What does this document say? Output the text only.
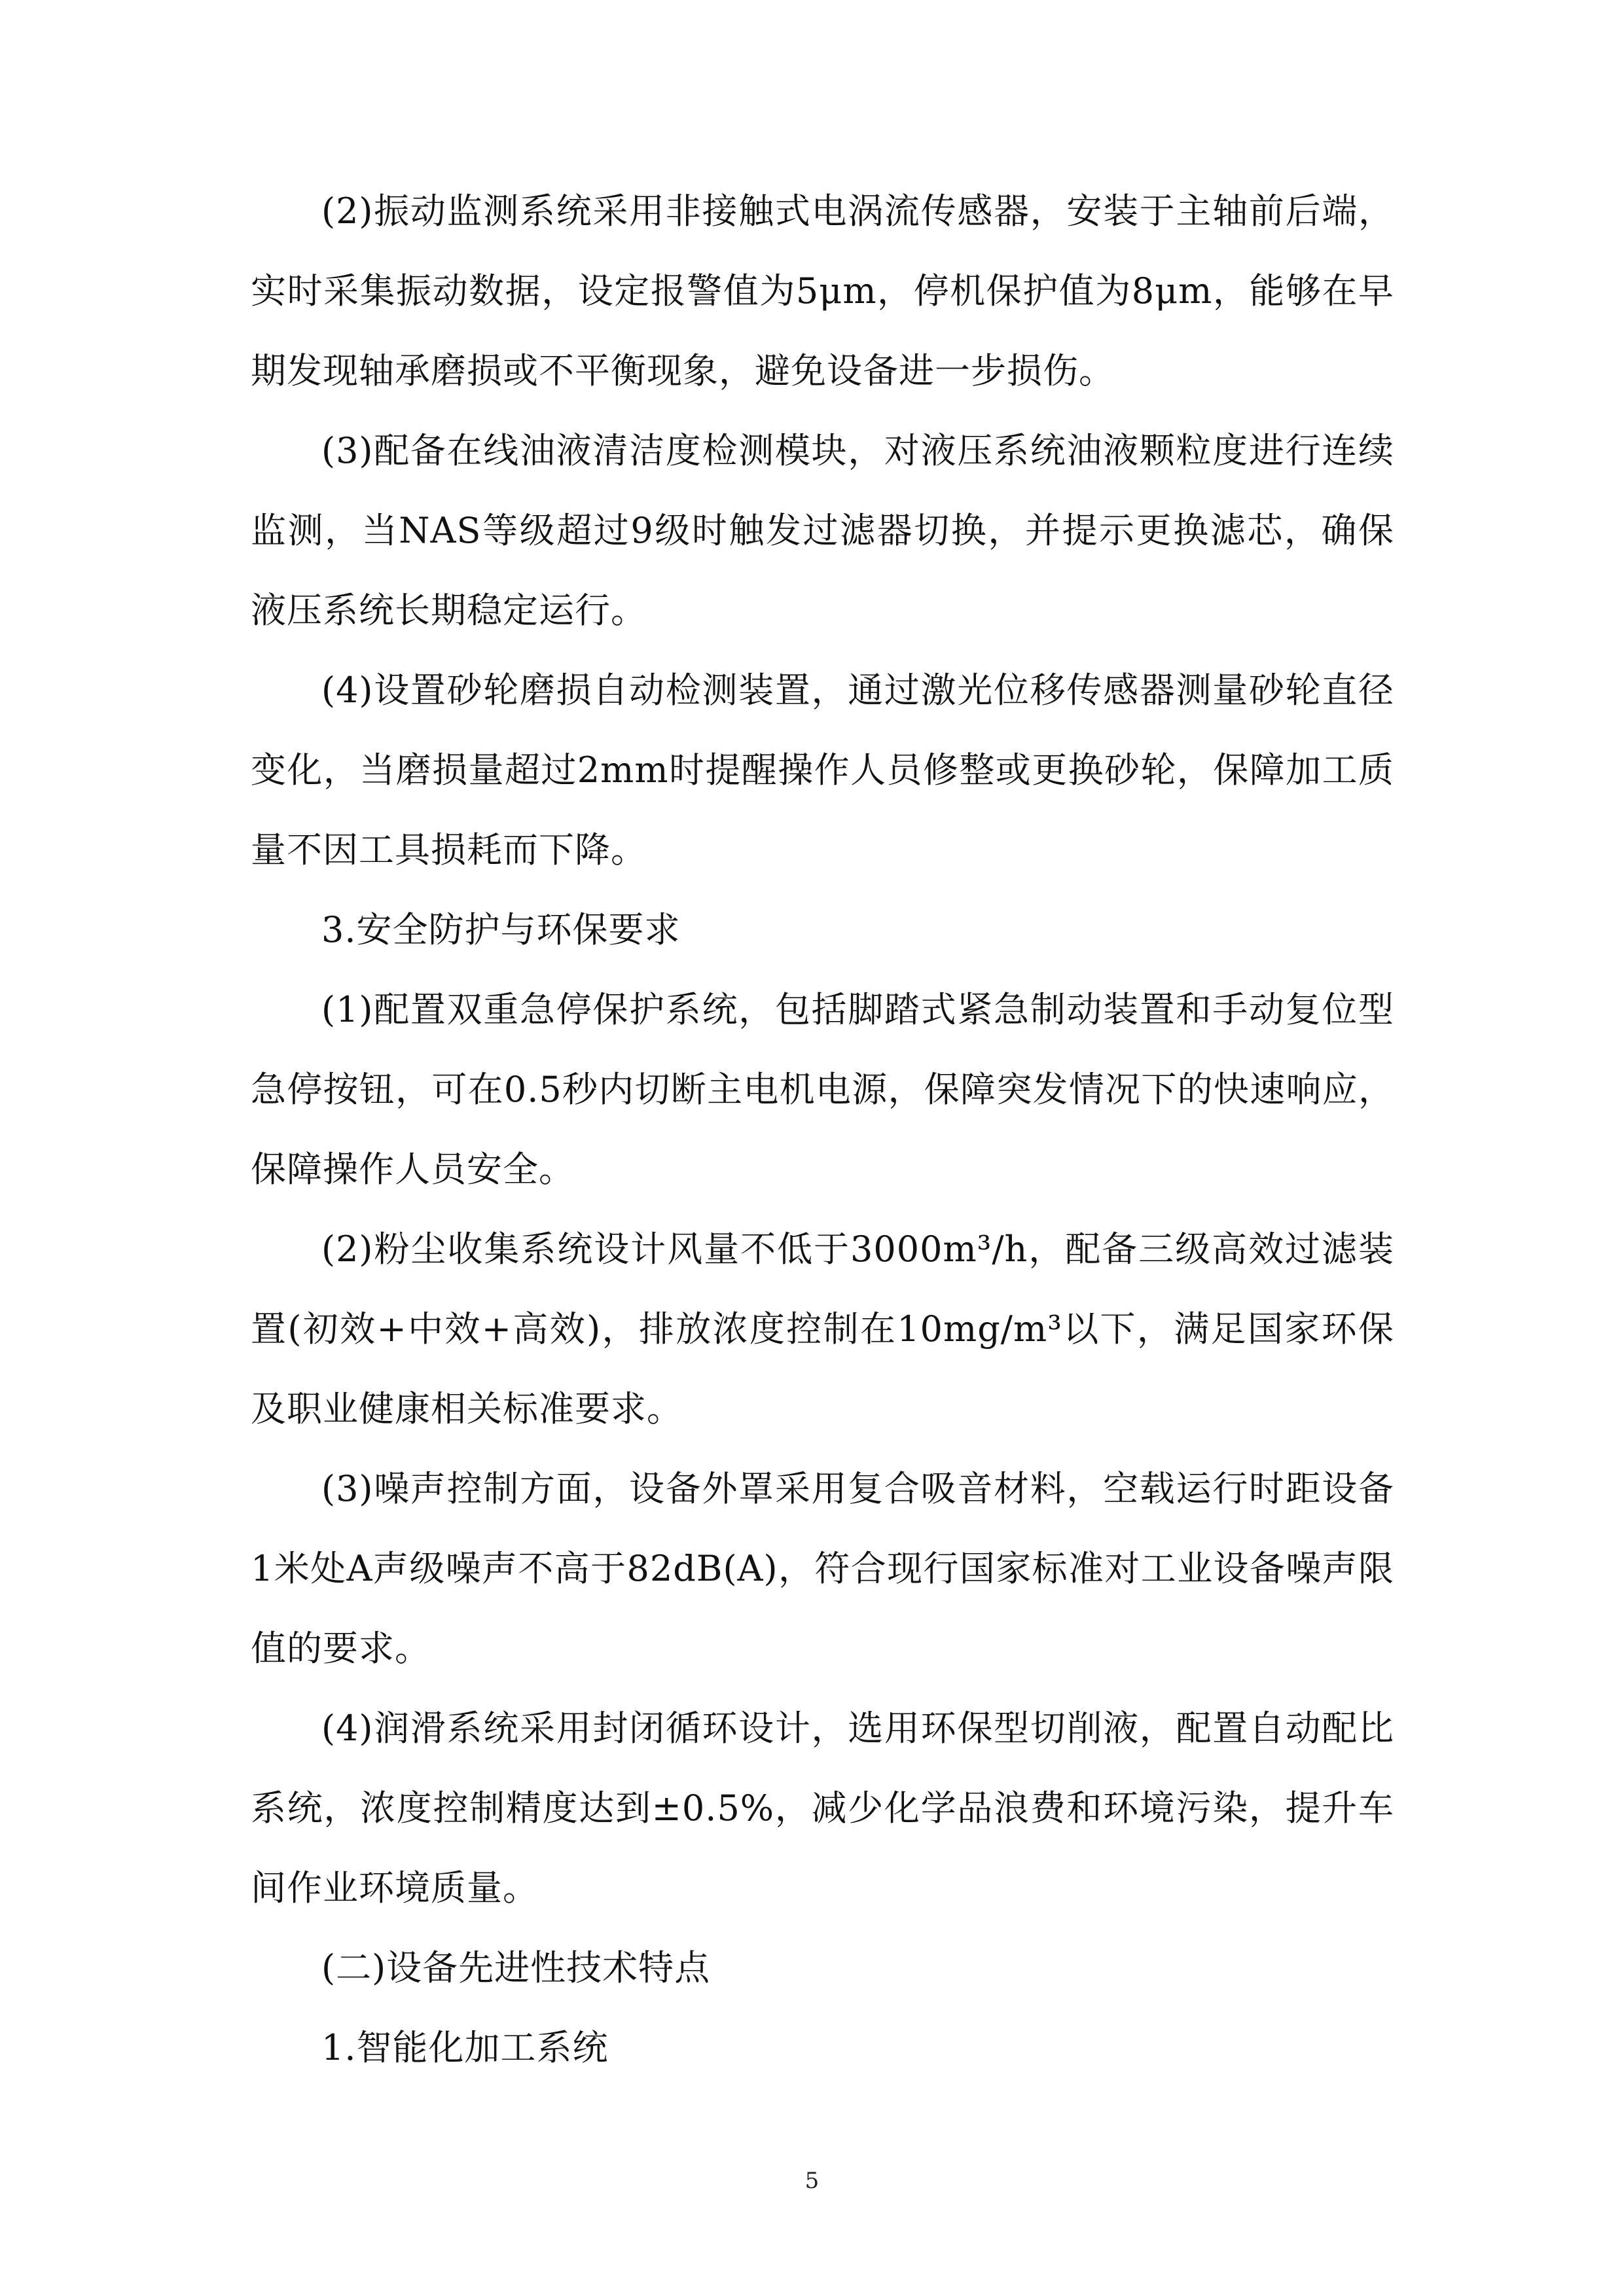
(2)振动监测系统采用非接触式电涡流传感器，安装于主轴前后端，实时采集振动数据，设定报警值为5μm，停机保护值为8μm，能够在早期发现轴承磨损或不平衡现象，避免设备进一步损伤。

(3)配备在线油液清洁度检测模块，对液压系统油液颗粒度进行连续监测，当NAS等级超过9级时触发过滤器切换，并提示更换滤芯，确保液压系统长期稳定运行。

(4)设置砂轮磨损自动检测装置，通过激光位移传感器测量砂轮直径变化，当磨损量超过2mm时提醒操作人员修整或更换砂轮，保障加工质量不因工具损耗而下降。

3.安全防护与环保要求

(1)配置双重急停保护系统，包括脚踏式紧急制动装置和手动复位型急停按钮，可在0.5秒内切断主电机电源，保障突发情况下的快速响应，保障操作人员安全。

(2)粉尘收集系统设计风量不低于3000m³/h，配备三级高效过滤装置(初效+中效+高效)，排放浓度控制在10mg/m³以下，满足国家环保及职业健康相关标准要求。

(3)噪声控制方面，设备外罩采用复合吸音材料，空载运行时距设备1米处A声级噪声不高于82dB(A)，符合现行国家标准对工业设备噪声限值的要求。

(4)润滑系统采用封闭循环设计，选用环保型切削液，配置自动配比系统，浓度控制精度达到±0.5%，减少化学品浪费和环境污染，提升车间作业环境质量。

(二)设备先进性技术特点

1.智能化加工系统

5
